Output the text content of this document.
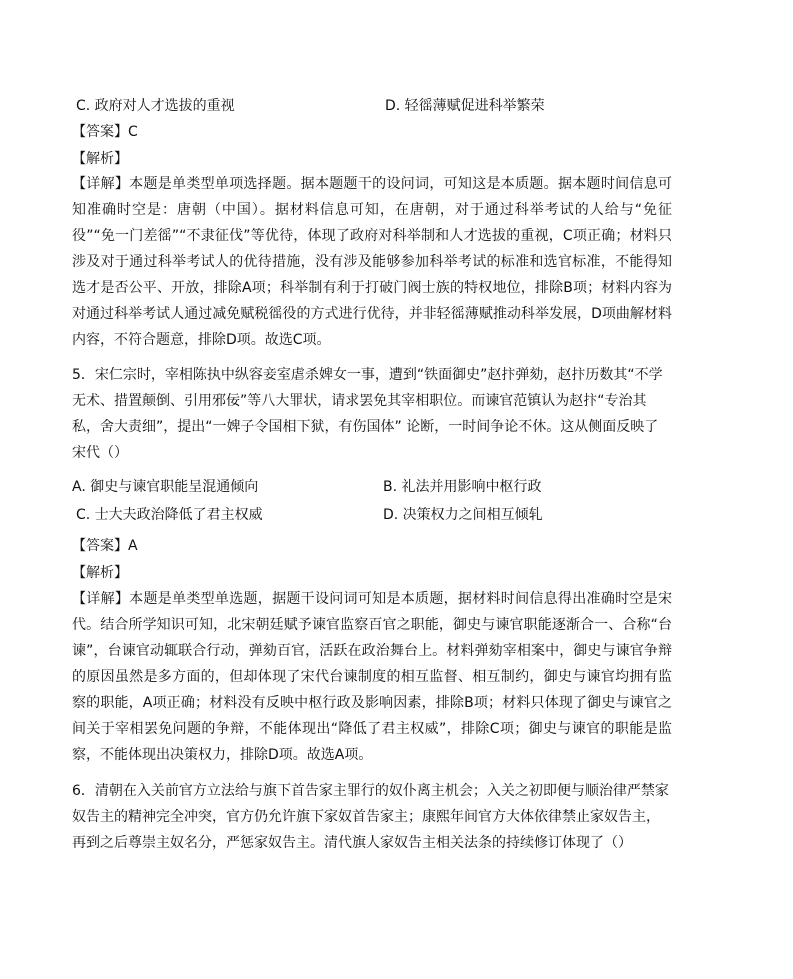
C. 政府对人才选拔的重视	D. 轻徭薄赋促进科举繁荣
【答案】C
【解析】
【详解】本题是单类型单项选择题。据本题题干的设问词，可知这是本质题。据本题时间信息可知准确时空是：唐朝（中国）。据材料信息可知，在唐朝，对于通过科举考试的人给与“免征役”“免一门差徭”“不隶征伐”等优待，体现了政府对科举制和人才选拔的重视，C项正确；材料只涉及对于通过科举考试人的优待措施，没有涉及能够参加科举考试的标准和选官标准，不能得知选才是否公平、开放，排除A项；科举制有利于打破门阀士族的特权地位，排除B项；材料内容为对通过科举考试人通过减免赋税徭役的方式进行优待，并非轻徭薄赋推动科举发展，D项曲解材料内容，不符合题意，排除D项。故选C项。
5．宋仁宗时，宰相陈执中纵容妾室虐杀婢女一事，遭到“铁面御史”赵抃弹劾，赵抃历数其“不学无术、措置颠倒、引用邪佞”等八大罪状，请求罢免其宰相职位。而谏官范镇认为赵抃“专治其私，舍大责细”，提出“一婢子令国相下狱，有伤国体” 论断，一时间争论不休。这从侧面反映了宋代（）
A. 御史与谏官职能呈混通倾向	B. 礼法并用影响中枢行政
C. 士大夫政治降低了君主权威	D. 决策权力之间相互倾轧
【答案】A
【解析】
【详解】本题是单类型单选题，据题干设问词可知是本质题，据材料时间信息得出准确时空是宋代。结合所学知识可知，北宋朝廷赋予谏官监察百官之职能，御史与谏官职能逐渐合一、合称“台谏”，台谏官动辄联合行动，弹劾百官，活跃在政治舞台上。材料弹劾宰相案中，御史与谏官争辩的原因虽然是多方面的，但却体现了宋代台谏制度的相互监督、相互制约，御史与谏官均拥有监察的职能，A项正确；材料没有反映中枢行政及影响因素，排除B项；材料只体现了御史与谏官之间关于宰相罢免问题的争辩，不能体现出“降低了君主权威”，排除C项；御史与谏官的职能是监察，不能体现出决策权力，排除D项。故选A项。
6．清朝在入关前官方立法给与旗下首告家主罪行的奴仆离主机会；入关之初即便与顺治律严禁家奴告主的精神完全冲突，官方仍允许旗下家奴首告家主；康熙年间官方大体依律禁止家奴告主，再到之后尊崇主奴名分，严惩家奴告主。清代旗人家奴告主相关法条的持续修订体现了（）
